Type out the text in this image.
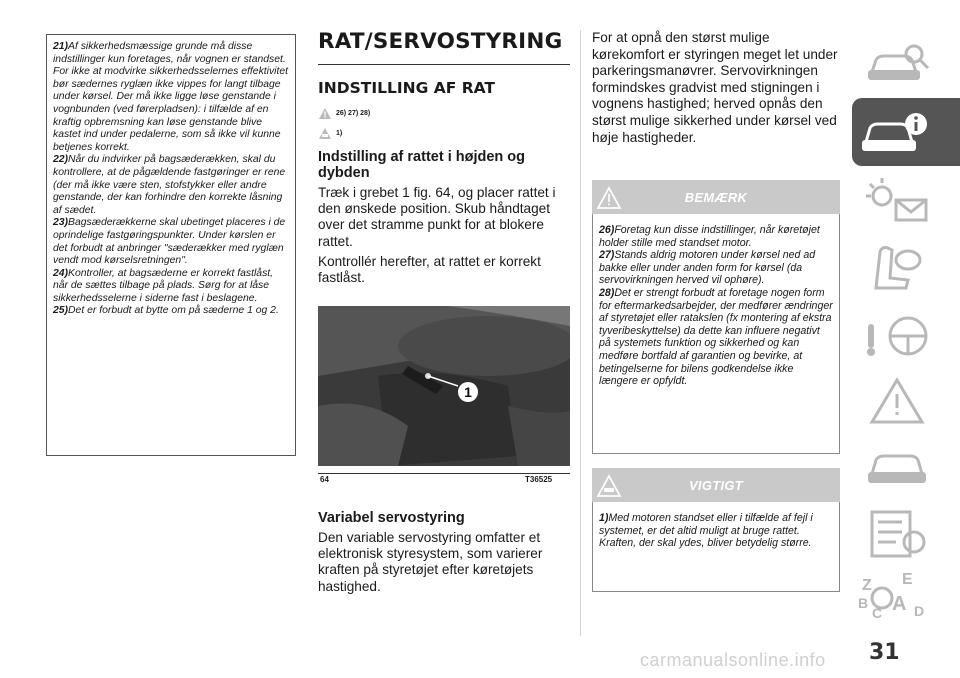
21)Af sikkerhedsmæssige grunde må disse indstillinger kun foretages, når vognen er standset. For ikke at modvirke sikkerhedsselernes effektivitet bør sædernes ryglæn ikke vippes for langt tilbage under kørsel. Der må ikke ligge løse genstande i vognbunden (ved førerpladsen): i tilfælde af en kraftig opbremsning kan løse genstande blive kastet ind under pedalerne, som så ikke vil kunne betjenes korrekt.

22)Når du indvirker på bagsæderækken, skal du kontrollere, at de pågældende fastgøringer er rene (der må ikke være sten, stofstykker eller andre genstande, der kan forhindre den korrekte låsning af sædet.

23)Bagsæderækkerne skal ubetinget placeres i de oprindelige fastgøringspunkter. Under kørslen er det forbudt at anbringer "sæderækker med ryglæn vendt mod kørselsretningen".

24)Kontroller, at bagsæderne er korrekt fastlåst, når de sættes tilbage på plads. Sørg for at låse sikkerhedsselerne i siderne fast i beslagene.

25)Det er forbudt at bytte om på sæderne 1 og 2.

RAT/SERVOSTYRING
INDSTILLING AF RAT
26) 27) 28)
1)
Indstilling af rattet i højden og dybden

Træk i grebet 1 fig. 64, og placer rattet i den ønskede position. Skub håndtaget over det stramme punkt for at blokere rattet.

Kontrollér herefter, at rattet er korrekt fastlåst.

1
64	T36525
Variabel servostyring

Den variable servostyring omfatter et elektronisk styresystem, som varierer kraften på styretøjet efter køretøjets hastighed.

For at opnå den størst mulige kørekomfort er styringen meget let under parkeringsmanøvrer. Servovirkningen formindskes gradvist med stigningen i vognens hastighed; herved opnås den størst mulige sikkerhed under kørsel ved høje hastigheder.

BEMÆRK

26)Foretag kun disse indstillinger, når køretøjet holder stille med standset motor.

27)Stands aldrig motoren under kørsel ned ad bakke eller under anden form for kørsel (da servovirkningen herved vil ophøre).

28)Det er strengt forbudt at foretage nogen form for eftermarkedsarbejder, der medfører ændringer af styretøjet eller ratakslen (fx montering af ekstra tyveribeskyttelse) da dette kan influere negativt på systemets funktion og sikkerhed og kan medføre bortfald af garantien og bevirke, at betingelserne for bilens godkendelse ikke længere er opfyldt.

VIGTIGT

1)Med motoren standset eller i tilfælde af fejl i systemet, er det altid muligt at bruge rattet. Kraften, der skal ydes, bliver betydelig større.

Z E
B A
C D
31
carmanualsonline.info
